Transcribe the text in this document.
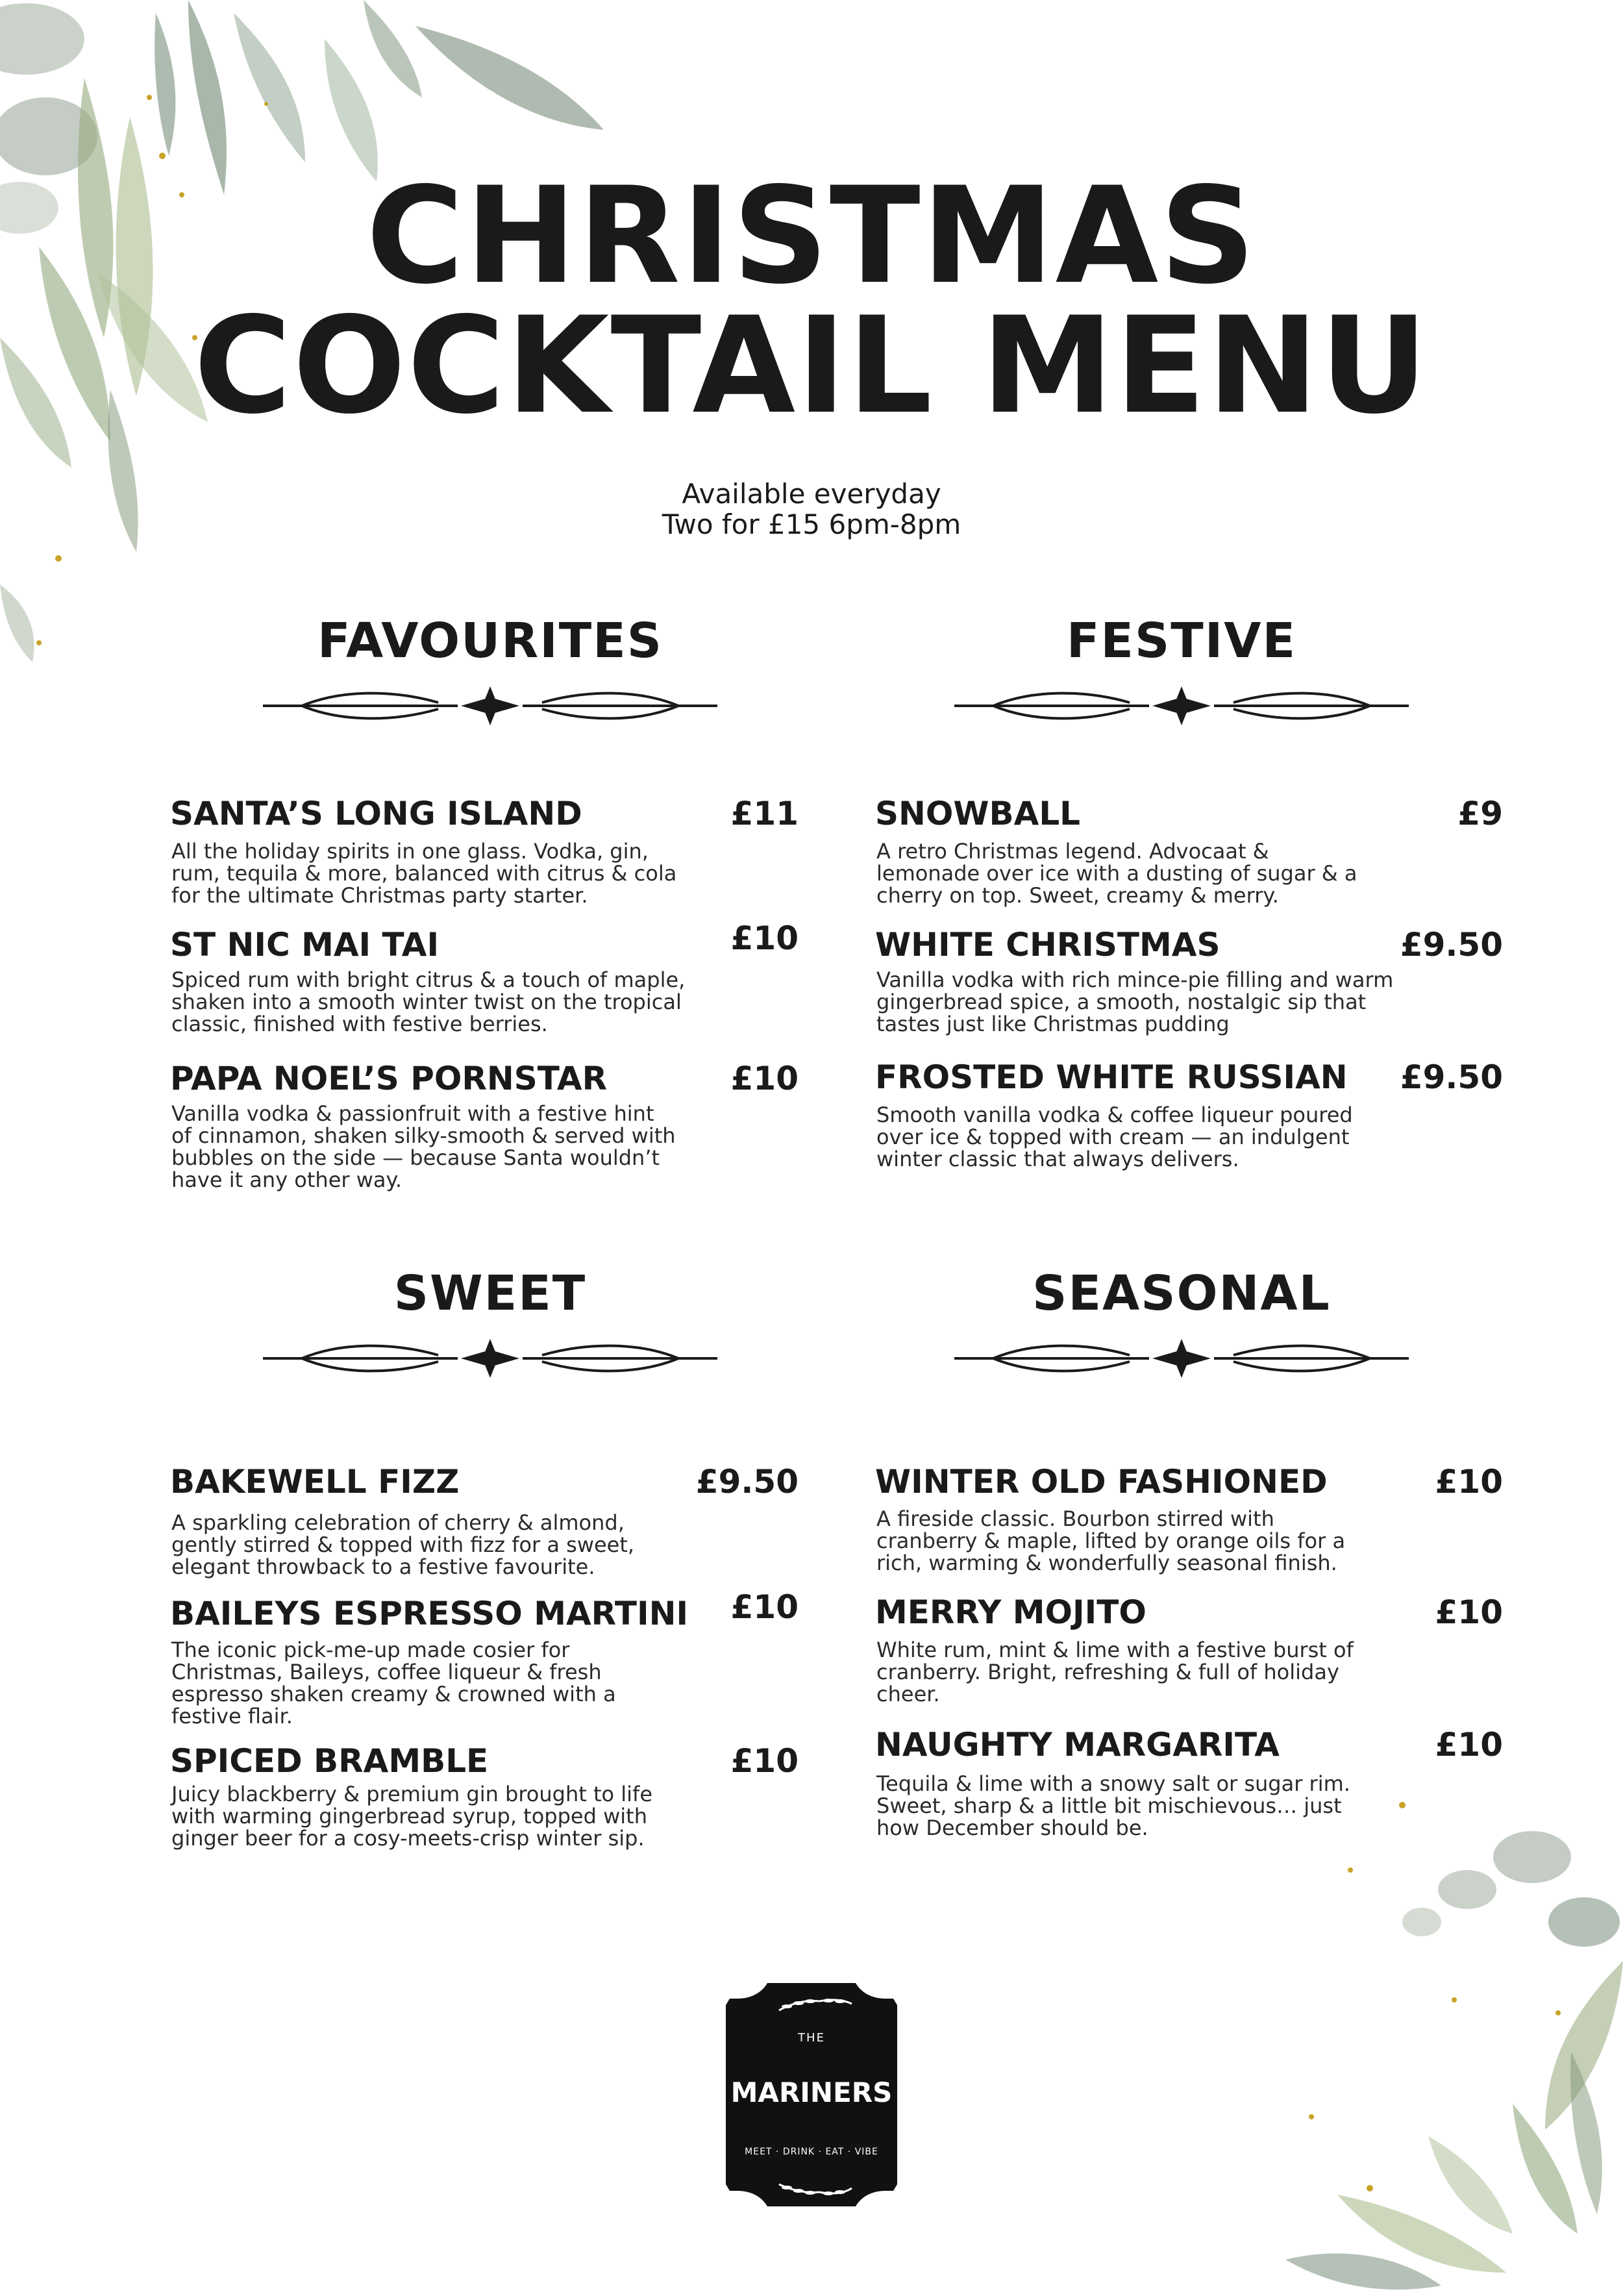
CHRISTMAS
COCKTAIL MENU
Available everyday
Two for £15 6pm-8pm
FAVOURITES	FESTIVE
SANTA’S LONG ISLAND	£11
All the holiday spirits in one glass. Vodka, gin, rum, tequila & more, balanced with citrus & cola for the ultimate Christmas party starter.
ST NIC MAI TAI	£10
Spiced rum with bright citrus & a touch of maple, shaken into a smooth winter twist on the tropical classic, finished with festive berries.
PAPA NOEL’S PORNSTAR	£10
Vanilla vodka & passionfruit with a festive hint of cinnamon, shaken silky-smooth & served with bubbles on the side — because Santa wouldn’t have it any other way.
SNOWBALL	£9
A retro Christmas legend. Advocaat & lemonade over ice with a dusting of sugar & a cherry on top. Sweet, creamy & merry.
WHITE CHRISTMAS	£9.50
Vanilla vodka with rich mince-pie filling and warm gingerbread spice, a smooth, nostalgic sip that tastes just like Christmas pudding
FROSTED WHITE RUSSIAN	£9.50
Smooth vanilla vodka & coffee liqueur poured over ice & topped with cream — an indulgent winter classic that always delivers.
SWEET	SEASONAL
BAKEWELL FIZZ	£9.50
A sparkling celebration of cherry & almond, gently stirred & topped with fizz for a sweet, elegant throwback to a festive favourite.
BAILEYS ESPRESSO MARTINI	£10
The iconic pick-me-up made cosier for Christmas, Baileys, coffee liqueur & fresh espresso shaken creamy & crowned with a festive flair.
SPICED BRAMBLE	£10
Juicy blackberry & premium gin brought to life with warming gingerbread syrup, topped with ginger beer for a cosy-meets-crisp winter sip.
WINTER OLD FASHIONED	£10
A fireside classic. Bourbon stirred with cranberry & maple, lifted by orange oils for a rich, warming & wonderfully seasonal finish.
MERRY MOJITO	£10
White rum, mint & lime with a festive burst of cranberry. Bright, refreshing & full of holiday cheer.
NAUGHTY MARGARITA	£10
Tequila & lime with a snowy salt or sugar rim. Sweet, sharp & a little bit mischievous… just how December should be.
THE
MARINERS
MEET · DRINK · EAT · VIBE
